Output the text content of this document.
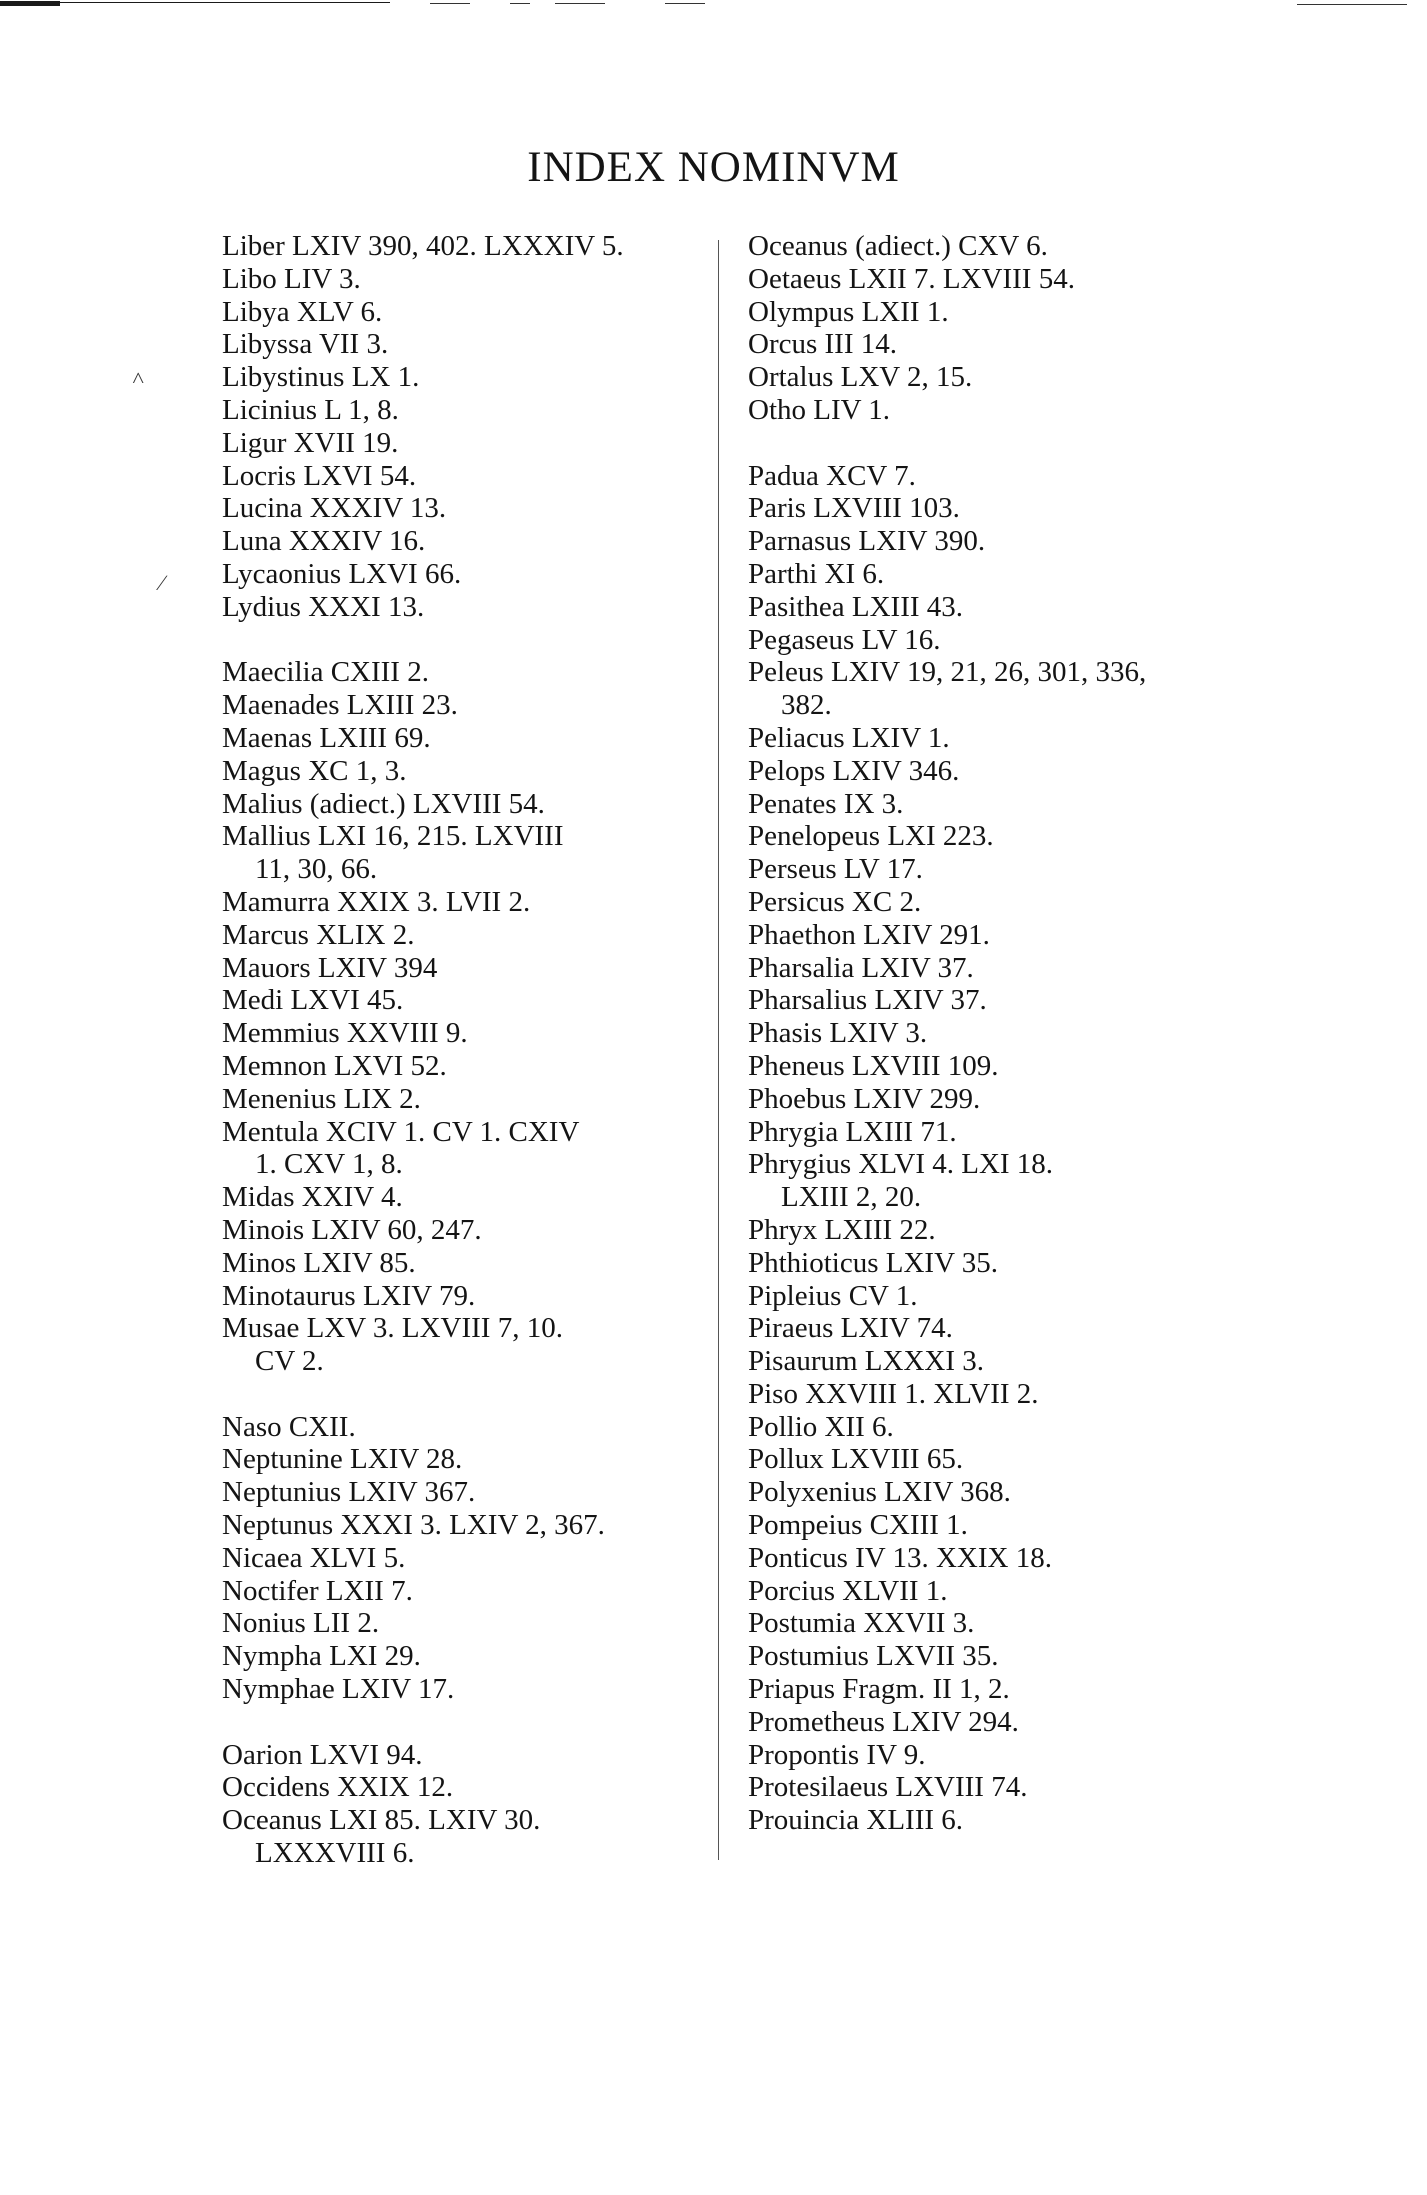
INDEX NOMINVM
Liber LXIV 390, 402. LXXXIV 5.
Libo LIV 3.
Libya XLV 6.
Libyssa VII 3.
Libystinus LX 1.
Licinius L 1, 8.
Ligur XVII 19.
Locris LXVI 54.
Lucina XXXIV 13.
Luna XXXIV 16.
Lycaonius LXVI 66.
Lydius XXXI 13.
Maecilia CXIII 2.
Maenades LXIII 23.
Maenas LXIII 69.
Magus XC 1, 3.
Malius (adiect.) LXVIII 54.
Mallius LXI 16, 215. LXVIII
11, 30, 66.
Mamurra XXIX 3. LVII 2.
Marcus XLIX 2.
Mauors LXIV 394
Medi LXVI 45.
Memmius XXVIII 9.
Memnon LXVI 52.
Menenius LIX 2.
Mentula XCIV 1. CV 1. CXIV
1. CXV 1, 8.
Midas XXIV 4.
Minois LXIV 60, 247.
Minos LXIV 85.
Minotaurus LXIV 79.
Musae LXV 3. LXVIII 7, 10.
CV 2.
Naso CXII.
Neptunine LXIV 28.
Neptunius LXIV 367.
Neptunus XXXI 3. LXIV 2, 367.
Nicaea XLVI 5.
Noctifer LXII 7.
Nonius LII 2.
Nympha LXI 29.
Nymphae LXIV 17.
Oarion LXVI 94.
Occidens XXIX 12.
Oceanus LXI 85. LXIV 30.
LXXXVIII 6.
Oceanus (adiect.) CXV 6.
Oetaeus LXII 7. LXVIII 54.
Olympus LXII 1.
Orcus III 14.
Ortalus LXV 2, 15.
Otho LIV 1.
Padua XCV 7.
Paris LXVIII 103.
Parnasus LXIV 390.
Parthi XI 6.
Pasithea LXIII 43.
Pegaseus LV 16.
Peleus LXIV 19, 21, 26, 301, 336,
382.
Peliacus LXIV 1.
Pelops LXIV 346.
Penates IX 3.
Penelopeus LXI 223.
Perseus LV 17.
Persicus XC 2.
Phaethon LXIV 291.
Pharsalia LXIV 37.
Pharsalius LXIV 37.
Phasis LXIV 3.
Pheneus LXVIII 109.
Phoebus LXIV 299.
Phrygia LXIII 71.
Phrygius XLVI 4. LXI 18.
LXIII 2, 20.
Phryx LXIII 22.
Phthioticus LXIV 35.
Pipleius CV 1.
Piraeus LXIV 74.
Pisaurum LXXXI 3.
Piso XXVIII 1. XLVII 2.
Pollio XII 6.
Pollux LXVIII 65.
Polyxenius LXIV 368.
Pompeius CXIII 1.
Ponticus IV 13. XXIX 18.
Porcius XLVII 1.
Postumia XXVII 3.
Postumius LXVII 35.
Priapus Fragm. II 1, 2.
Prometheus LXIV 294.
Propontis IV 9.
Protesilaeus LXVIII 74.
Prouincia XLIII 6.
˄
∕
